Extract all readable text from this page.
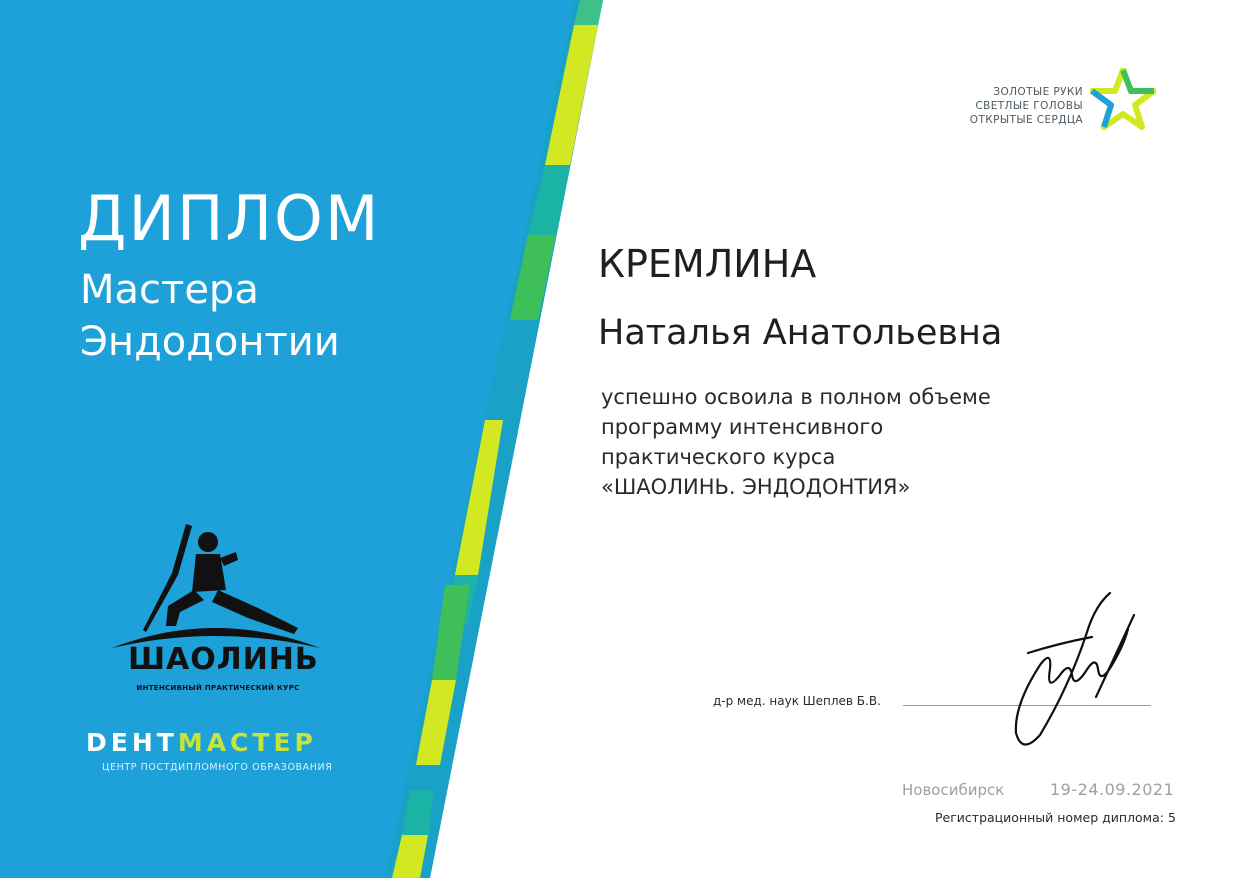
ДИПЛОМ
Мастера
Эндодонтии
ШАОЛИНЬ
ИНТЕНСИВНЫЙ ПРАКТИЧЕСКИЙ КУРС
DЕНТМАСТЕР
ЦЕНТР ПОСТДИПЛОМНОГО ОБРАЗОВАНИЯ
ЗОЛОТЫЕ РУКИ
СВЕТЛЫЕ ГОЛОВЫ
ОТКРЫТЫЕ СЕРДЦА
КРЕМЛИНА
Наталья Анатольевна
успешно освоила в полном объеме
программу интенсивного
практического курса
«ШАОЛИНЬ. ЭНДОДОНТИЯ»
д-р мед. наук Шеплев Б.В.
Новосибирск	19-24.09.2021
Регистрационный номер диплома: 5
